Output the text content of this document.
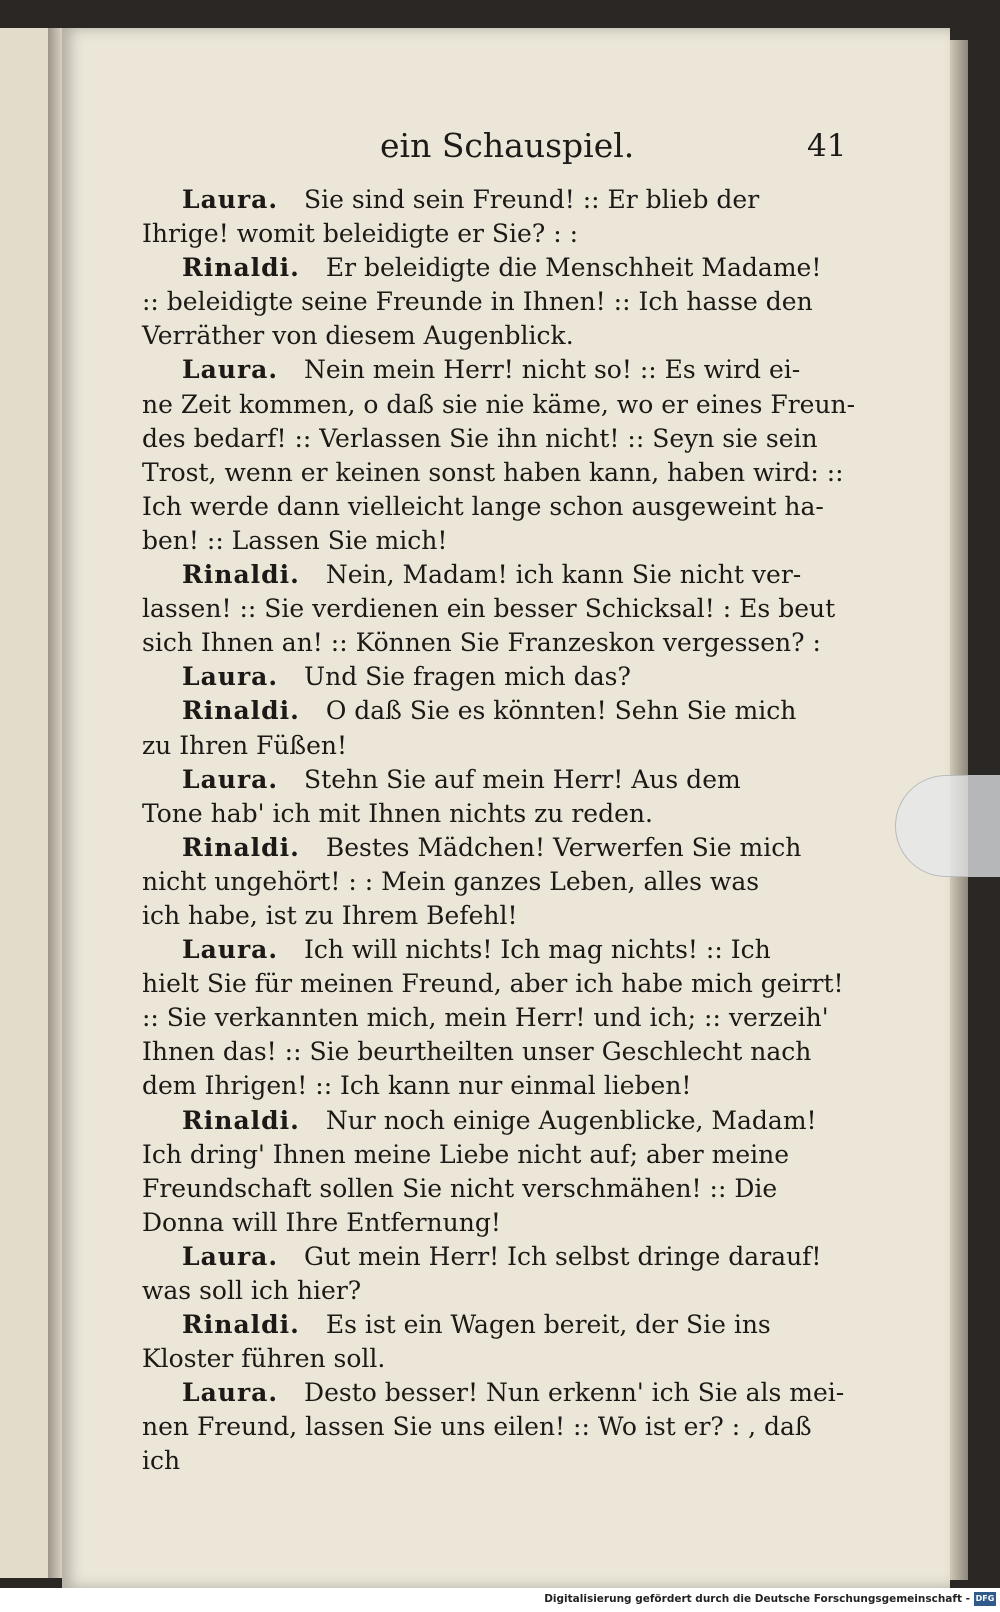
ein Schauspiel.	41
Laura. Sie sind sein Freund! :: Er blieb der
Ihrige! womit beleidigte er Sie? : :
Rinaldi. Er beleidigte die Menschheit Madame!
:: beleidigte seine Freunde in Ihnen! :: Ich hasse den
Verräther von diesem Augenblick.
Laura. Nein mein Herr! nicht so! :: Es wird ei-
ne Zeit kommen, o daß sie nie käme, wo er eines Freun-
des bedarf! :: Verlassen Sie ihn nicht! :: Seyn sie sein
Trost, wenn er keinen sonst haben kann, haben wird: ::
Ich werde dann vielleicht lange schon ausgeweint ha-
ben! :: Lassen Sie mich!
Rinaldi. Nein, Madam! ich kann Sie nicht ver-
lassen! :: Sie verdienen ein besser Schicksal! : Es beut
sich Ihnen an! :: Können Sie Franzeskon vergessen? :
Laura. Und Sie fragen mich das?
Rinaldi. O daß Sie es könnten! Sehn Sie mich
zu Ihren Füßen!
Laura. Stehn Sie auf mein Herr! Aus dem
Tone hab' ich mit Ihnen nichts zu reden.
Rinaldi. Bestes Mädchen! Verwerfen Sie mich
nicht ungehört! : : Mein ganzes Leben, alles was
ich habe, ist zu Ihrem Befehl!
Laura. Ich will nichts! Ich mag nichts! :: Ich
hielt Sie für meinen Freund, aber ich habe mich geirrt!
:: Sie verkannten mich, mein Herr! und ich; :: verzeih'
Ihnen das! :: Sie beurtheilten unser Geschlecht nach
dem Ihrigen! :: Ich kann nur einmal lieben!
Rinaldi. Nur noch einige Augenblicke, Madam!
Ich dring' Ihnen meine Liebe nicht auf; aber meine
Freundschaft sollen Sie nicht verschmähen! :: Die
Donna will Ihre Entfernung!
Laura. Gut mein Herr! Ich selbst dringe darauf!
was soll ich hier?
Rinaldi. Es ist ein Wagen bereit, der Sie ins
Kloster führen soll.
Laura. Desto besser! Nun erkenn' ich Sie als mei-
nen Freund, lassen Sie uns eilen! :: Wo ist er? : , daß
ich
Digitalisierung gefördert durch die Deutsche Forschungsgemeinschaft - DFG
